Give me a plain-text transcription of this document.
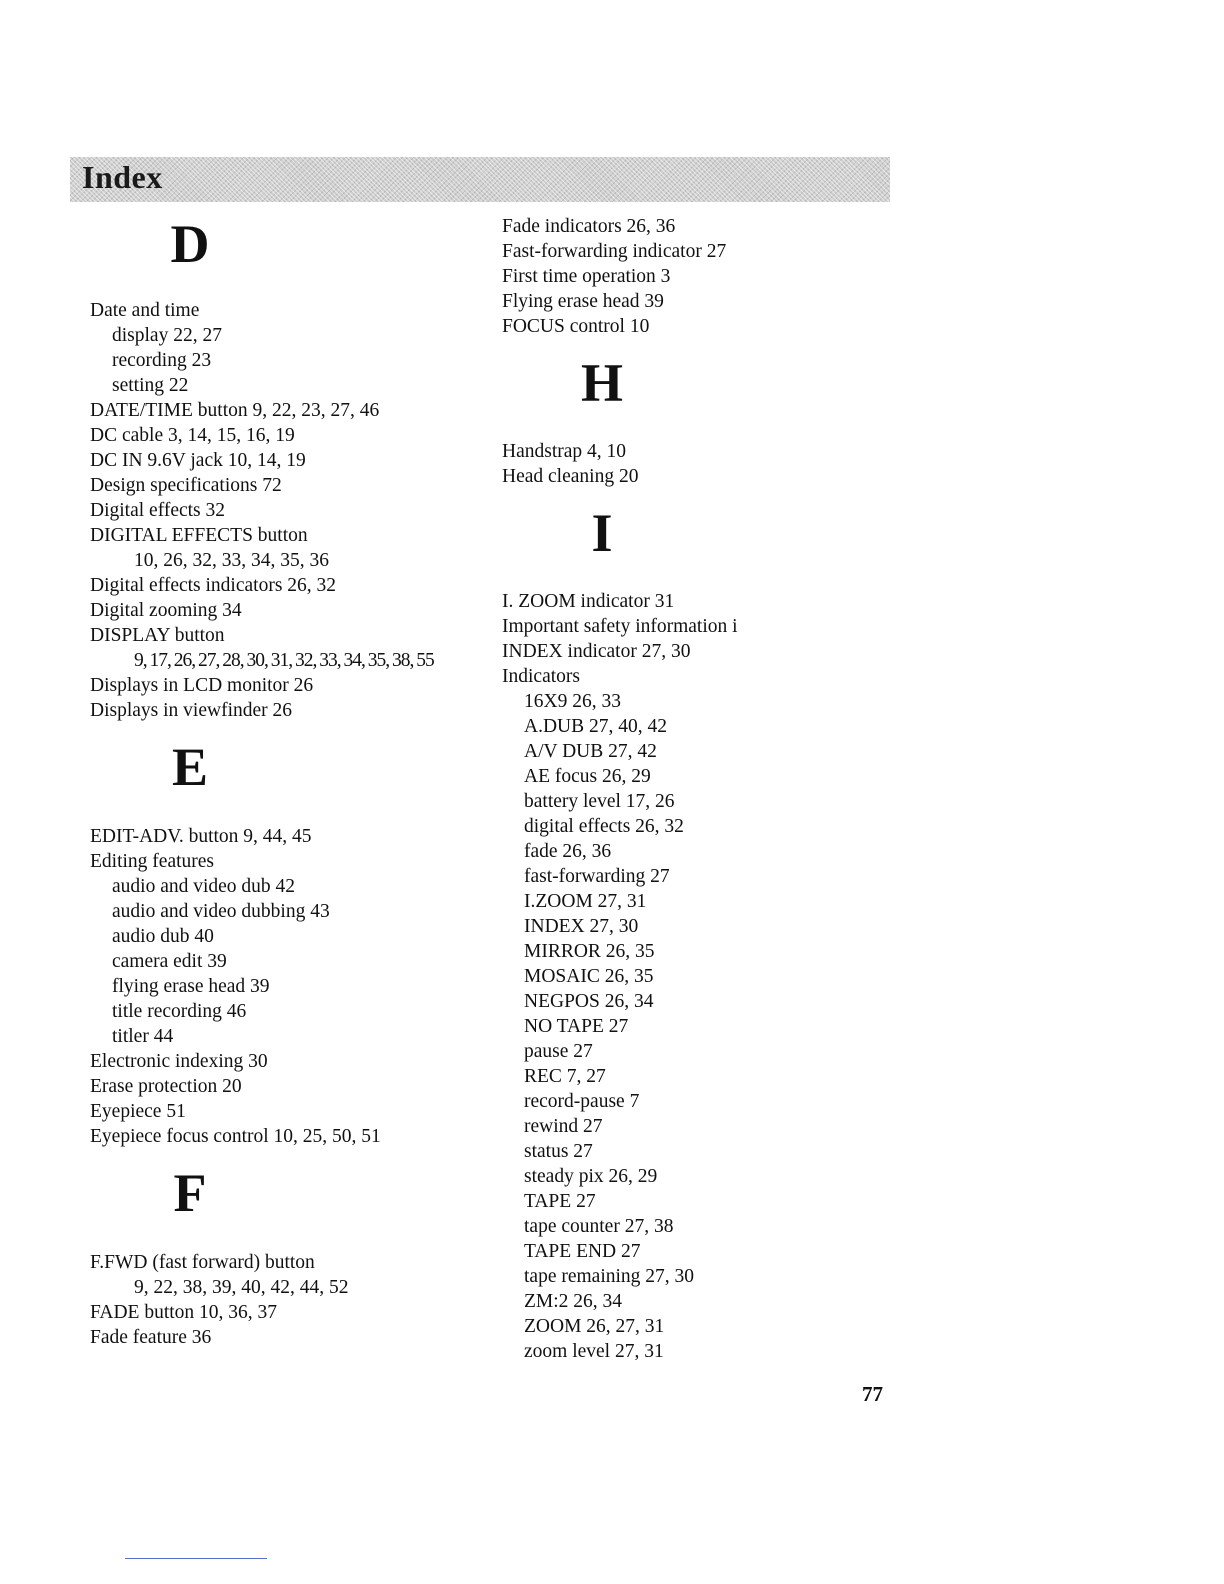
Index
D
Date and time
display 22, 27
recording 23
setting 22
DATE/TIME button 9, 22, 23, 27, 46
DC cable 3, 14, 15, 16, 19
DC IN 9.6V jack 10, 14, 19
Design specifications 72
Digital effects 32
DIGITAL EFFECTS button
10, 26, 32, 33, 34, 35, 36
Digital effects indicators 26, 32
Digital zooming 34
DISPLAY button
9, 17, 26, 27, 28, 30, 31, 32, 33, 34, 35, 38, 55
Displays in LCD monitor 26
Displays in viewfinder 26
E
EDIT-ADV. button 9, 44, 45
Editing features
audio and video dub 42
audio and video dubbing 43
audio dub 40
camera edit 39
flying erase head 39
title recording 46
titler 44
Electronic indexing 30
Erase protection 20
Eyepiece 51
Eyepiece focus control 10, 25, 50, 51
F
F.FWD (fast forward) button
9, 22, 38, 39, 40, 42, 44, 52
FADE button 10, 36, 37
Fade feature 36
Fade indicators 26, 36
Fast-forwarding indicator 27
First time operation 3
Flying erase head 39
FOCUS control 10
H
Handstrap 4, 10
Head cleaning 20
I
I. ZOOM indicator 31
Important safety information i
INDEX indicator 27, 30
Indicators
16X9 26, 33
A.DUB 27, 40, 42
A/V DUB 27, 42
AE focus 26, 29
battery level 17, 26
digital effects 26, 32
fade 26, 36
fast-forwarding 27
I.ZOOM 27, 31
INDEX 27, 30
MIRROR 26, 35
MOSAIC 26, 35
NEGPOS 26, 34
NO TAPE 27
pause 27
REC 7, 27
record-pause 7
rewind 27
status 27
steady pix 26, 29
TAPE 27
tape counter 27, 38
TAPE END 27
tape remaining 27, 30
ZM:2 26, 34
ZOOM 26, 27, 31
zoom level 27, 31
77
